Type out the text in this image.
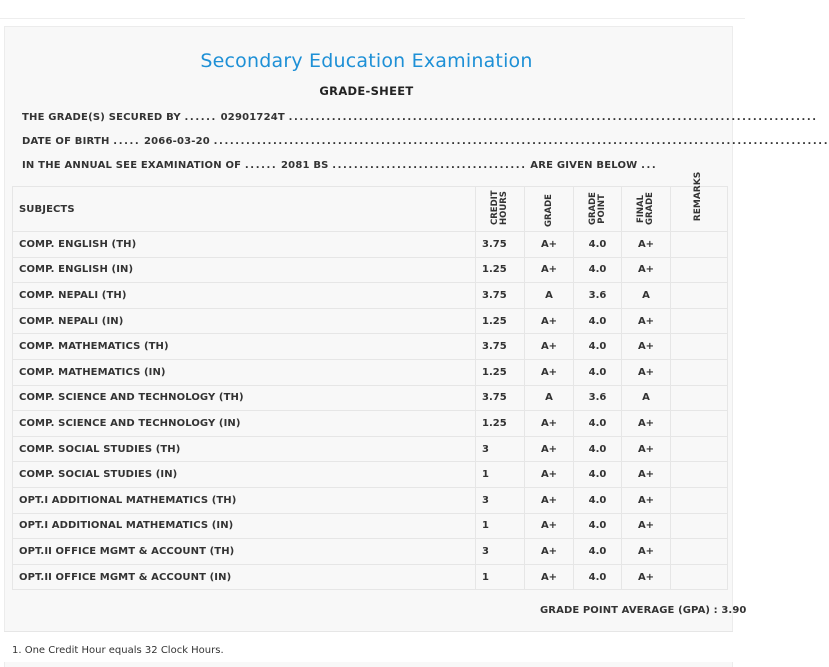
Secondary Education Examination
GRADE-SHEET
THE GRADE(S) SECURED BY ...... 02901724T ..................................................................................................
DATE OF BIRTH ..... 2066-03-20 ..................................................................................................................
IN THE ANNUAL SEE EXAMINATION OF ...... 2081 BS .................................... ARE GIVEN BELOW ...
SUBJECTS	CREDIT HOURS	GRADE	GRADE POINT	FINAL GRADE	REMARKS
COMP. ENGLISH (TH)	3.75	A+	4.0	A+	
COMP. ENGLISH (IN)	1.25	A+	4.0	A+	
COMP. NEPALI (TH)	3.75	A	3.6	A	
COMP. NEPALI (IN)	1.25	A+	4.0	A+	
COMP. MATHEMATICS (TH)	3.75	A+	4.0	A+	
COMP. MATHEMATICS (IN)	1.25	A+	4.0	A+	
COMP. SCIENCE AND TECHNOLOGY (TH)	3.75	A	3.6	A	
COMP. SCIENCE AND TECHNOLOGY (IN)	1.25	A+	4.0	A+	
COMP. SOCIAL STUDIES (TH)	3	A+	4.0	A+	
COMP. SOCIAL STUDIES (IN)	1	A+	4.0	A+	
OPT.I ADDITIONAL MATHEMATICS (TH)	3	A+	4.0	A+	
OPT.I ADDITIONAL MATHEMATICS (IN)	1	A+	4.0	A+	
OPT.II OFFICE MGMT & ACCOUNT (TH)	3	A+	4.0	A+	
OPT.II OFFICE MGMT & ACCOUNT (IN)	1	A+	4.0	A+	
GRADE POINT AVERAGE (GPA) : 3.90
1. One Credit Hour equals 32 Clock Hours.
